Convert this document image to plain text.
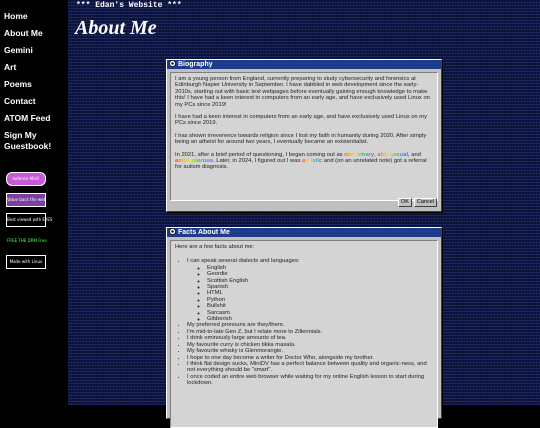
Home
About Me
Gemini
Art
Poems
Contact
ATOM Feed
Sign My Guestbook!
nofence Mail!
Value back the web
Best viewed with EYES
FREE THE DRM Free
Made with Linux
*** Edan's Website ***
About Me
Biography

I am a young person from England, currently preparing to study cybersecurity and forensics at Edinburgh Napier University in September. I have dabbled in web development since the early-2010s, starting out with basic text webpages before eventually gaining enough knowledge to make this! I have had a keen interest in computers from an early age, and have exclusively used Linux on my PCs since 2019!

I have had a keen interest in computers from an early age, and have exclusively used Linux on my PCs since 2019.

I has shown irreverence towards religion since I lost my faith in humanity during 2020. After simply being an atheist for around two years, I eventually became an existentialist.

In 2021, after a brief period of questioning, I began coming out as non-binary, abrosexual, and ambiamorous. Later, in 2024, I figured out I was autistic and (on an unrelated note) got a referral for autism diagnosis.

OK Cancel
Facts About Me

Here are a few facts about me:

• I can speak several dialects and languages:
◦ English
◦ Geordie
◦ Scottish English
◦ Spanish
◦ HTML
◦ Python
◦ Bullshit
◦ Sarcasm
◦ Gibberish
• My preferred pronouns are they/them.
• I'm mid-to-late Gen Z, but I relate more to Zillennials.
• I drink ominously large amounts of tea.
• My favourite curry is chicken tikka masala.
• My favourite whisky is Glenmorangie.
• I hope to one day become a writer for Doctor Who, alongside my brother.
• I think flat design sucks, MiniDV has a perfect balance between quality and organic-ness, and not everything should be "smart".
• I once coded an entire web browser while waiting for my online English lesson to start during lockdown.
